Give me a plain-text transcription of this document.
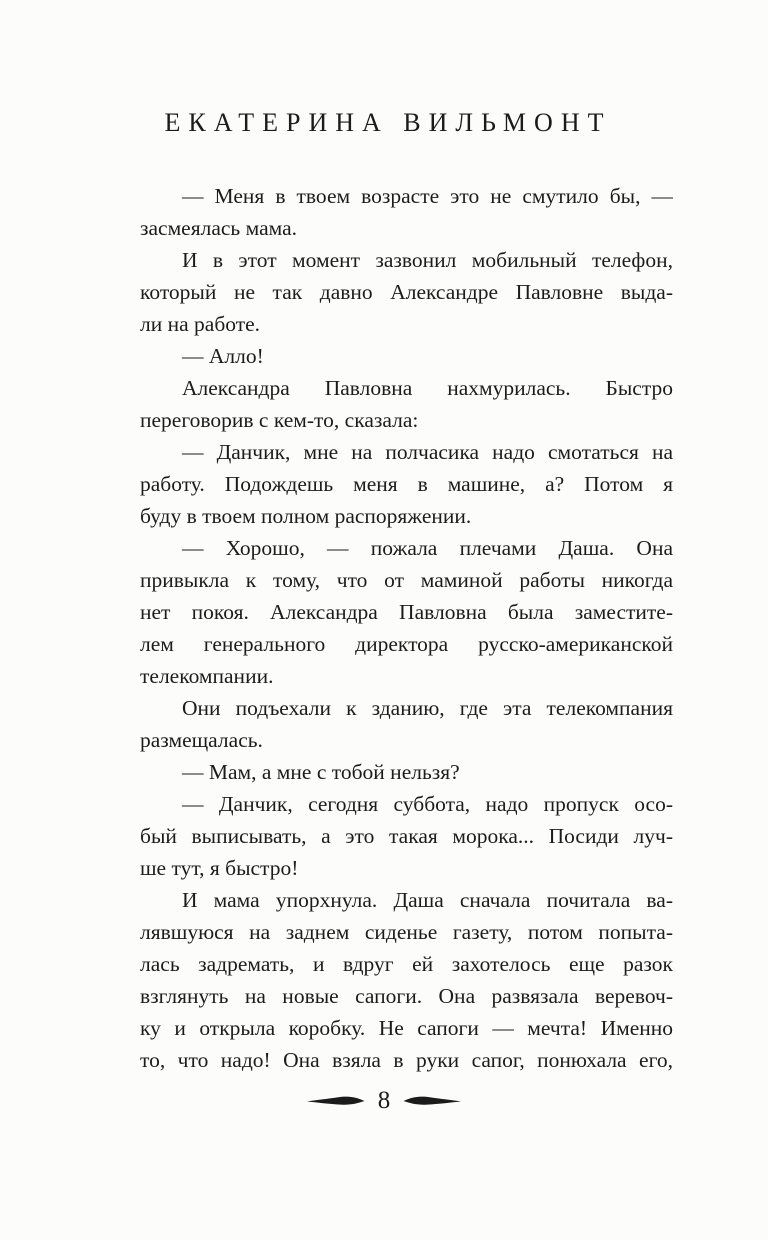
ЕКАТЕРИНА ВИЛЬМОНТ
— Меня в твоем возрасте это не смутило бы, —
засмеялась мама.
И в этот момент зазвонил мобильный телефон,
который не так давно Александре Павловне выда-
ли на работе.
— Алло!
Александра Павловна нахмурилась. Быстро
переговорив с кем-то, сказала:
— Данчик, мне на полчасика надо смотаться на
работу. Подождешь меня в машине, а? Потом я
буду в твоем полном распоряжении.
— Хорошо, — пожала плечами Даша. Она
привыкла к тому, что от маминой работы никогда
нет покоя. Александра Павловна была заместите-
лем генерального директора русско-американской
телекомпании.
Они подъехали к зданию, где эта телекомпания
размещалась.
— Мам, а мне с тобой нельзя?
— Данчик, сегодня суббота, надо пропуск осо-
бый выписывать, а это такая морока... Посиди луч-
ше тут, я быстро!
И мама упорхнула. Даша сначала почитала ва-
лявшуюся на заднем сиденье газету, потом попыта-
лась задремать, и вдруг ей захотелось еще разок
взглянуть на новые сапоги. Она развязала веревоч-
ку и открыла коробку. Не сапоги — мечта! Именно
то, что надо! Она взяла в руки сапог, понюхала его,
8
